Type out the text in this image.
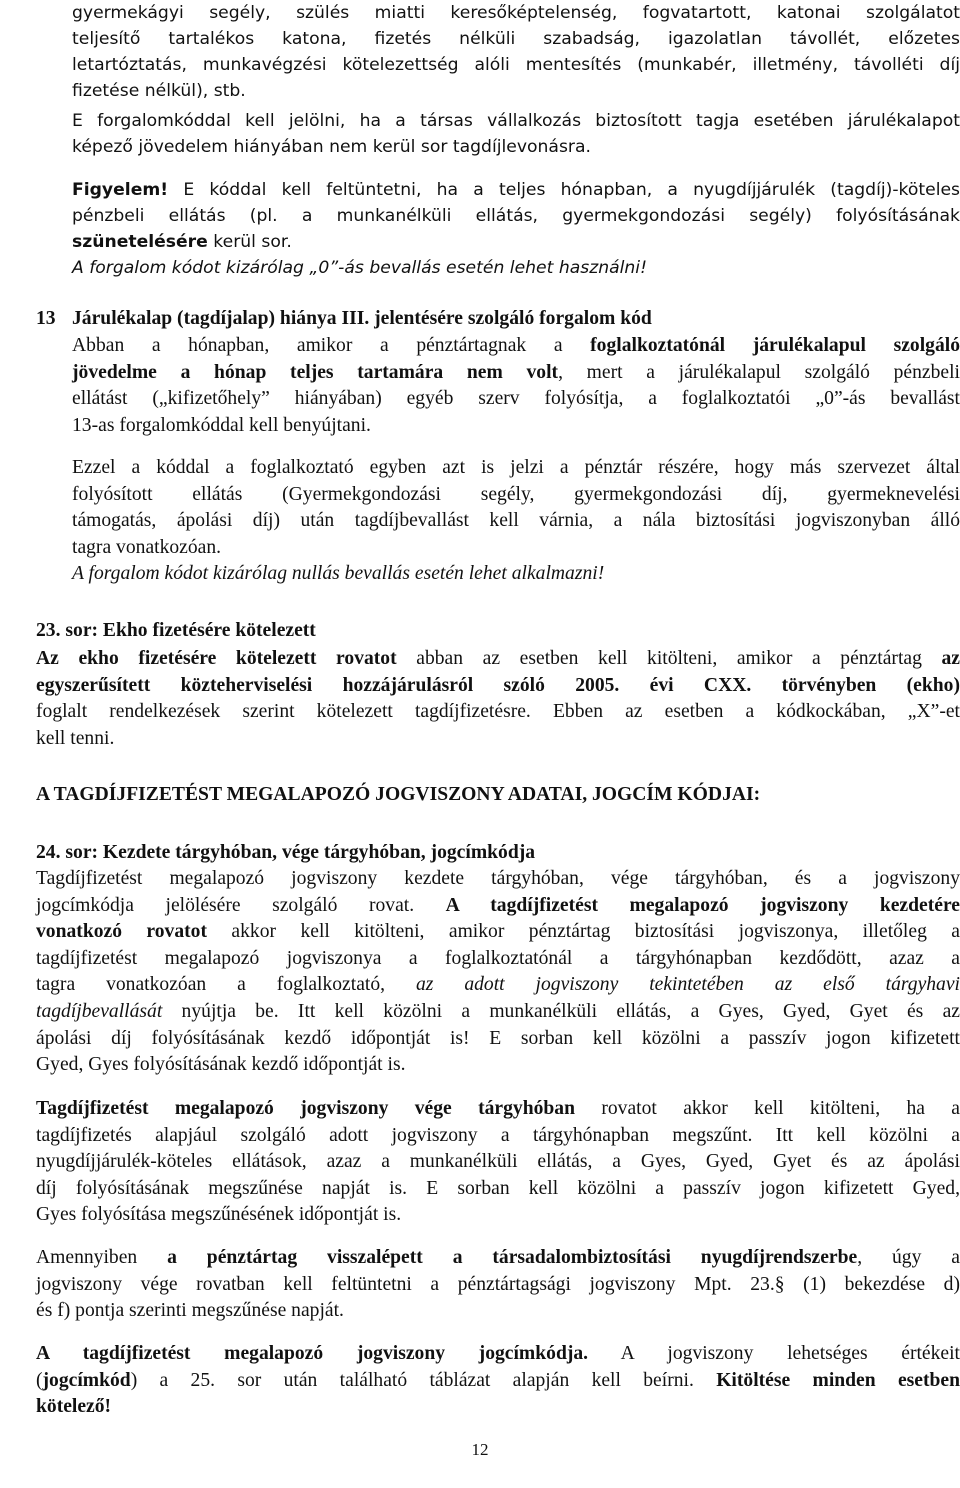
gyermekágyi segély, szülés miatti keresőképtelenség, fogvatartott, katonai szolgálatot
teljesítő tartalékos katona, fizetés nélküli szabadság, igazolatlan távollét, előzetes
letartóztatás, munkavégzési kötelezettség alóli mentesítés (munkabér, illetmény, távolléti díj
fizetése nélkül), stb.
E forgalomkóddal kell jelölni, ha a társas vállalkozás biztosított tagja esetében járulékalapot
képező jövedelem hiányában nem kerül sor tagdíjlevonásra.
Figyelem! E kóddal kell feltüntetni, ha a teljes hónapban, a nyugdíjjárulék (tagdíj)-köteles
pénzbeli ellátás (pl. a munkanélküli ellátás, gyermekgondozási segély) folyósításának
szünetelésére kerül sor.
A forgalom kódot kizárólag „0”-ás bevallás esetén lehet használni!
13 Járulékalap (tagdíjalap) hiánya III. jelentésére szolgáló forgalom kód
Abban a hónapban, amikor a pénztártagnak a foglalkoztatónál járulékalapul szolgáló
jövedelme a hónap teljes tartamára nem volt, mert a járulékalapul szolgáló pénzbeli
ellátást („kifizetőhely” hiányában) egyéb szerv folyósítja, a foglalkoztatói „0”-ás bevallást
13-as forgalomkóddal kell benyújtani.
Ezzel a kóddal a foglalkoztató egyben azt is jelzi a pénztár részére, hogy más szervezet által
folyósított ellátás (Gyermekgondozási segély, gyermekgondozási díj, gyermeknevelési
támogatás, ápolási díj) után tagdíjbevallást kell várnia, a nála biztosítási jogviszonyban álló
tagra vonatkozóan.
A forgalom kódot kizárólag nullás bevallás esetén lehet alkalmazni!
23. sor: Ekho fizetésére kötelezett
Az ekho fizetésére kötelezett rovatot abban az esetben kell kitölteni, amikor a pénztártag az
egyszerűsített közteherviselési hozzájárulásról szóló 2005. évi CXX. törvényben (ekho)
foglalt rendelkezések szerint kötelezett tagdíjfizetésre. Ebben az esetben a kódkockában, „X”-et
kell tenni.
A TAGDÍJFIZETÉST MEGALAPOZÓ JOGVISZONY ADATAI, JOGCÍM KÓDJAI:
24. sor: Kezdete tárgyhóban, vége tárgyhóban, jogcímkódja
Tagdíjfizetést megalapozó jogviszony kezdete tárgyhóban, vége tárgyhóban, és a jogviszony
jogcímkódja jelölésére szolgáló rovat. A tagdíjfizetést megalapozó jogviszony kezdetére
vonatkozó rovatot akkor kell kitölteni, amikor pénztártag biztosítási jogviszonya, illetőleg a
tagdíjfizetést megalapozó jogviszonya a foglalkoztatónál a tárgyhónapban kezdődött, azaz a
tagra vonatkozóan a foglalkoztató, az adott jogviszony tekintetében az első tárgyhavi
tagdíjbevallását nyújtja be. Itt kell közölni a munkanélküli ellátás, a Gyes, Gyed, Gyet és az
ápolási díj folyósításának kezdő időpontját is! E sorban kell közölni a passzív jogon kifizetett
Gyed, Gyes folyósításának kezdő időpontját is.
Tagdíjfizetést megalapozó jogviszony vége tárgyhóban rovatot akkor kell kitölteni, ha a
tagdíjfizetés alapjául szolgáló adott jogviszony a tárgyhónapban megszűnt. Itt kell közölni a
nyugdíjjárulék-köteles ellátások, azaz a munkanélküli ellátás, a Gyes, Gyed, Gyet és az ápolási
díj folyósításának megszűnése napját is. E sorban kell közölni a passzív jogon kifizetett Gyed,
Gyes folyósítása megszűnésének időpontját is.
Amennyiben a pénztártag visszalépett a társadalombiztosítási nyugdíjrendszerbe, úgy a
jogviszony vége rovatban kell feltüntetni a pénztártagsági jogviszony Mpt. 23.§ (1) bekezdése d)
és f) pontja szerinti megszűnése napját.
A tagdíjfizetést megalapozó jogviszony jogcímkódja. A jogviszony lehetséges értékeit
(jogcímkód) a 25. sor után található táblázat alapján kell beírni. Kitöltése minden esetben
kötelező!
12
